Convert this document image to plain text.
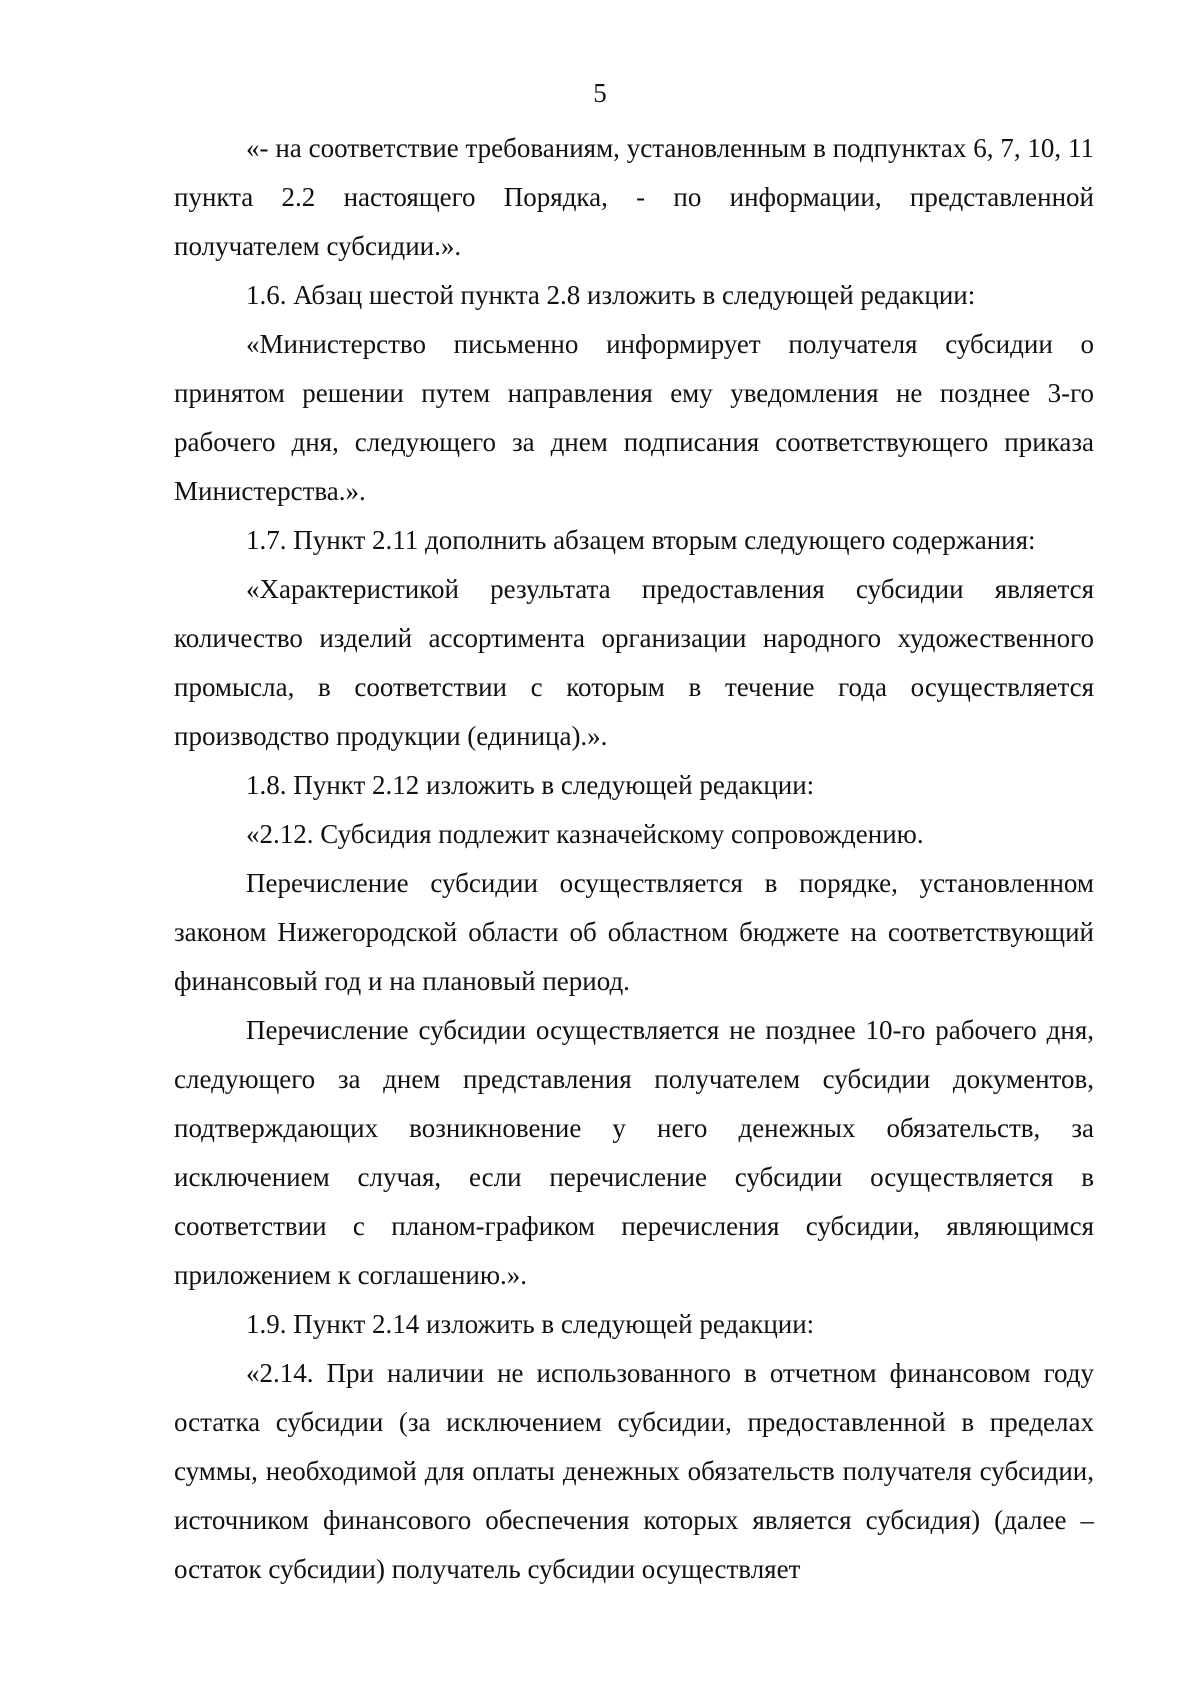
5

«- на соответствие требованиям, установленным в подпунктах 6, 7, 10, 11 пункта 2.2 настоящего Порядка, - по информации, представленной получателем субсидии.».

1.6. Абзац шестой пункта 2.8 изложить в следующей редакции:

«Министерство письменно информирует получателя субсидии о принятом решении путем направления ему уведомления не позднее 3-го рабочего дня, следующего за днем подписания соответствующего приказа Министерства.».

1.7. Пункт 2.11 дополнить абзацем вторым следующего содержания:

«Характеристикой результата предоставления субсидии является количество изделий ассортимента организации народного художественного промысла, в соответствии с которым в течение года осуществляется производство продукции (единица).».

1.8. Пункт 2.12 изложить в следующей редакции:

«2.12. Субсидия подлежит казначейскому сопровождению.

Перечисление субсидии осуществляется в порядке, установленном законом Нижегородской области об областном бюджете на соответствующий финансовый год и на плановый период.

Перечисление субсидии осуществляется не позднее 10-го рабочего дня, следующего за днем представления получателем субсидии документов, подтверждающих возникновение у него денежных обязательств, за исключением случая, если перечисление субсидии осуществляется в соответствии с планом-графиком перечисления субсидии, являющимся приложением к соглашению.».

1.9. Пункт 2.14 изложить в следующей редакции:

«2.14. При наличии не использованного в отчетном финансовом году остатка субсидии (за исключением субсидии, предоставленной в пределах суммы, необходимой для оплаты денежных обязательств получателя субсидии, источником финансового обеспечения которых является субсидия) (далее – остаток субсидии) получатель субсидии осуществляет
